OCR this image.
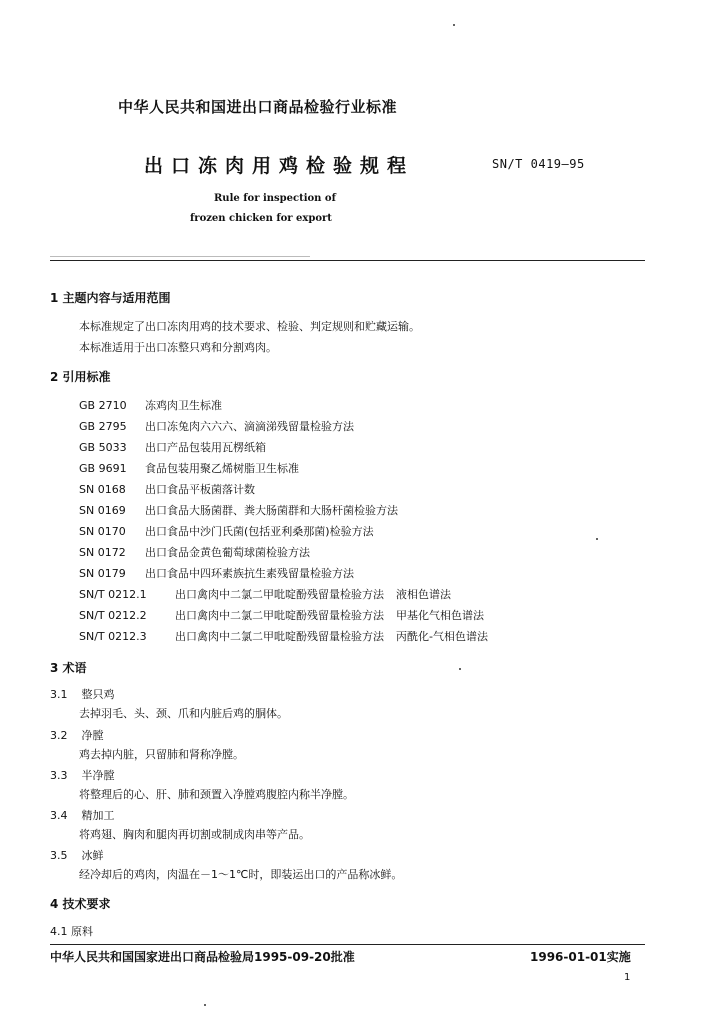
中华人民共和国进出口商品检验行业标准
出口冻肉用鸡检验规程	SN/T 0419—95
Rule for inspection of
frozen chicken for export
1 主题内容与适用范围
本标准规定了出口冻肉用鸡的技术要求、检验、判定规则和贮藏运输。
本标准适用于出口冻整只鸡和分割鸡肉。
2 引用标准
GB 2710 冻鸡肉卫生标准
GB 2795 出口冻兔肉六六六、滴滴涕残留量检验方法
GB 5033 出口产品包装用瓦楞纸箱
GB 9691 食品包装用聚乙烯树脂卫生标准
SN 0168 出口食品平板菌落计数
SN 0169 出口食品大肠菌群、粪大肠菌群和大肠杆菌检验方法
SN 0170 出口食品中沙门氏菌(包括亚利桑那菌)检验方法
SN 0172 出口食品金黄色葡萄球菌检验方法
SN 0179 出口食品中四环素族抗生素残留量检验方法
SN/T 0212.1	出口禽肉中二氯二甲吡啶酚残留量检验方法 液相色谱法
SN/T 0212.2	出口禽肉中二氯二甲吡啶酚残留量检验方法 甲基化气相色谱法
SN/T 0212.3	出口禽肉中二氯二甲吡啶酚残留量检验方法 丙酰化-气相色谱法
3 术语
3.1 整只鸡
去掉羽毛、头、颈、爪和内脏后鸡的胴体。
3.2 净膛
鸡去掉内脏，只留肺和肾称净膛。
3.3 半净膛
将整理后的心、肝、肺和颈置入净膛鸡腹腔内称半净膛。
3.4 精加工
将鸡翅、胸肉和腿肉再切割或制成肉串等产品。
3.5 冰鲜
经冷却后的鸡肉，肉温在－1～1℃时，即装运出口的产品称冰鲜。
4 技术要求
4.1 原料
中华人民共和国国家进出口商品检验局1995-09-20批准	1996-01-01实施
1
